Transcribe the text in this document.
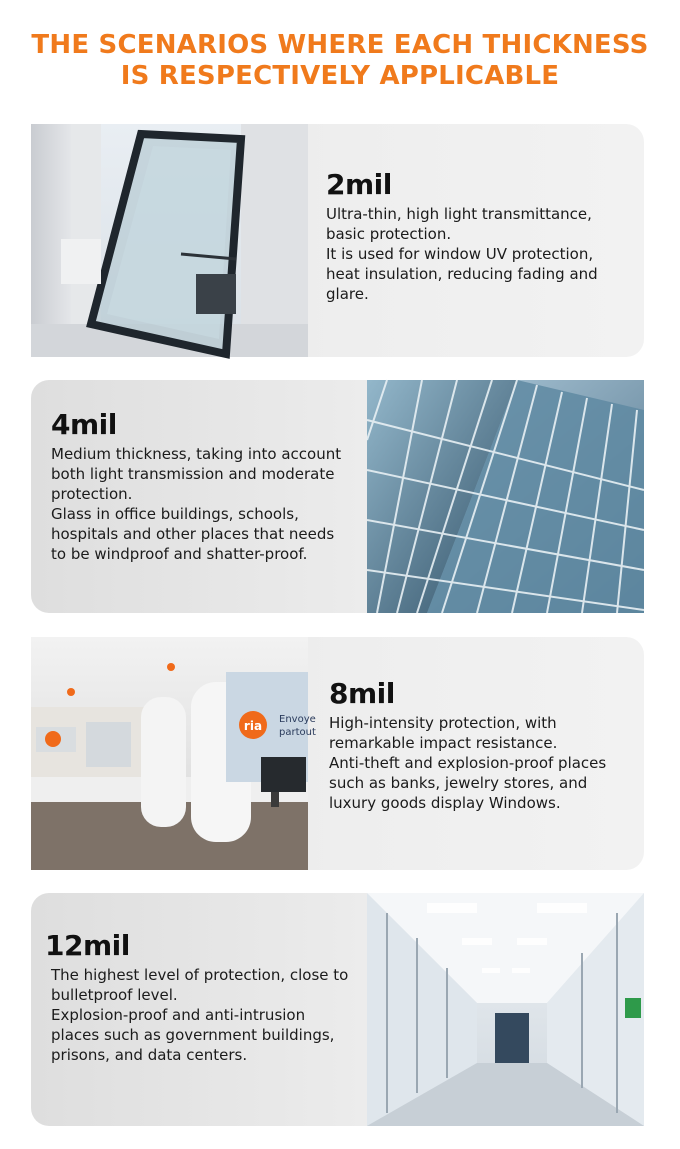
THE SCENARIOS WHERE EACH THICKNESS
IS RESPECTIVELY APPLICABLE
2mil
Ultra-thin, high light transmittance,
basic protection.
It is used for window UV protection,
heat insulation, reducing fading and
glare.
4mil
Medium thickness, taking into account
both light transmission and moderate
protection.
Glass in office buildings, schools,
hospitals and other places that needs
to be windproof and shatter-proof.
ria Envoye
partout
8mil
High-intensity protection, with
remarkable impact resistance.
Anti-theft and explosion-proof places
such as banks, jewelry stores, and
luxury goods display Windows.
12mil
The highest level of protection, close to
bulletproof level.
Explosion-proof and anti-intrusion
places such as government buildings,
prisons, and data centers.
